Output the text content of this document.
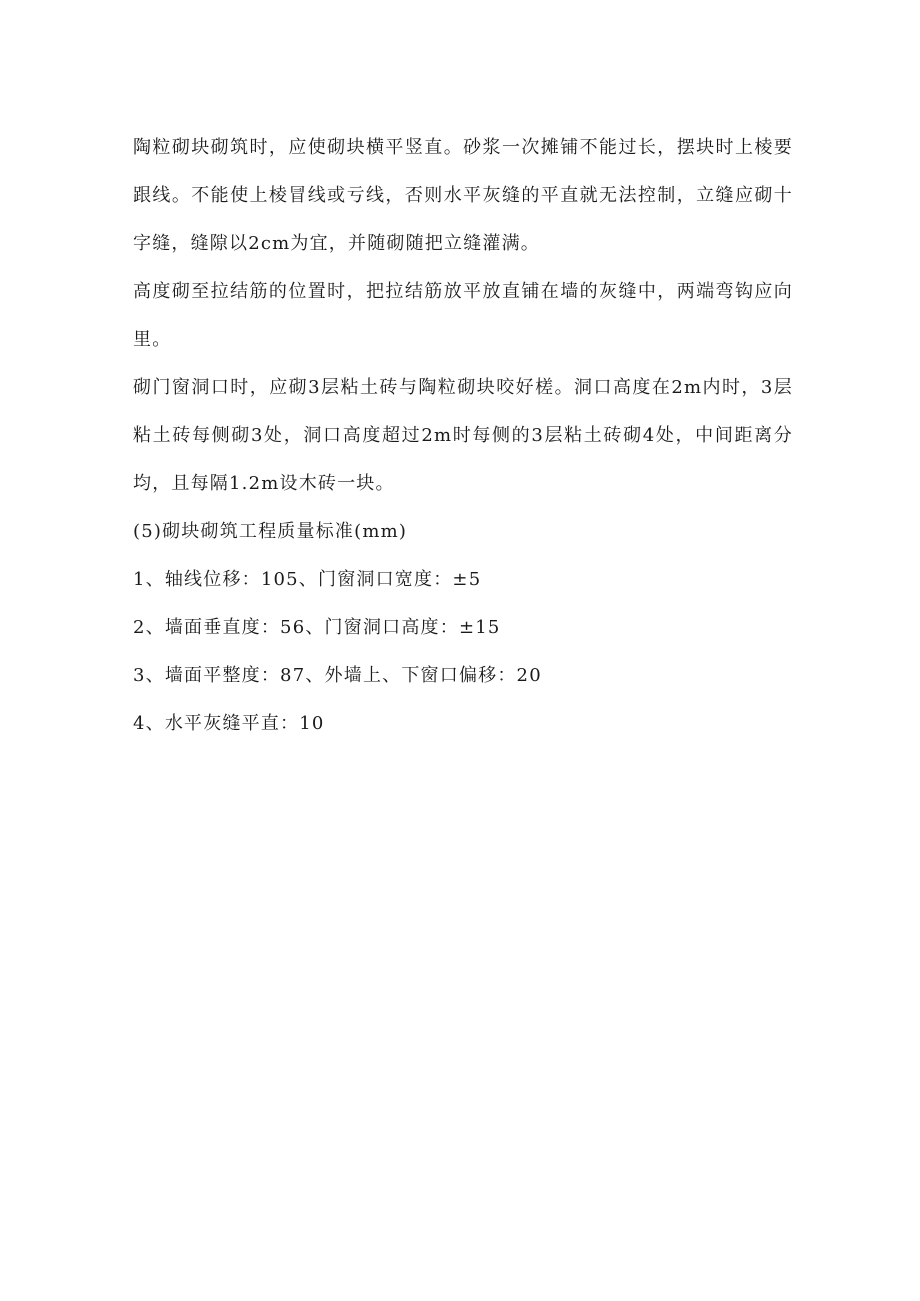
陶粒砌块砌筑时，应使砌块横平竖直。砂浆一次摊铺不能过长，摆块时上棱要跟线。不能使上棱冒线或亏线，否则水平灰缝的平直就无法控制，立缝应砌十字缝，缝隙以2cm为宜，并随砌随把立缝灌满。

高度砌至拉结筋的位置时，把拉结筋放平放直铺在墙的灰缝中，两端弯钩应向里。

砌门窗洞口时，应砌3层粘土砖与陶粒砌块咬好槎。洞口高度在2m内时，3层粘土砖每侧砌3处，洞口高度超过2m时每侧的3层粘土砖砌4处，中间距离分均，且每隔1.2m设木砖一块。

(5)砌块砌筑工程质量标准(mm)

1、轴线位移：105、门窗洞口宽度：±5
2、墙面垂直度：56、门窗洞口高度：±15
3、墙面平整度：87、外墙上、下窗口偏移：20
4、水平灰缝平直：10
